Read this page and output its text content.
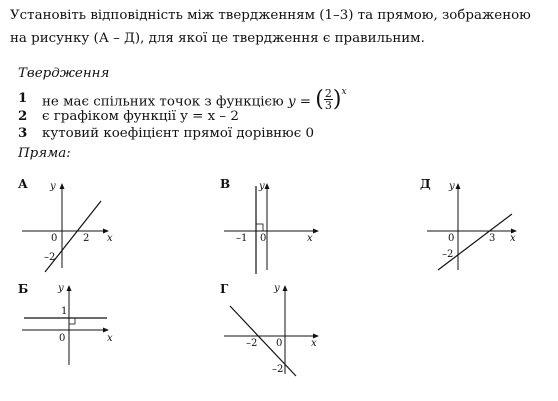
Установіть відповідність між твердженням (1–3) та прямою, зображеною на рисунку (А – Д), для якої це твердження є правильним.
Твердження
1 не має спільних точок з функцією y = ( $\frac{2}{3} )^x$
2 є графіком функції y = x – 2
3 кутовий коефіцієнт прямої дорівнює 0
Пряма:
А
x
y
0	2
–2
Б
x
y
0
1
В
x
y
0
–1
Г
x
y
0
–2
–2
Д
x
y
0	3
–2
